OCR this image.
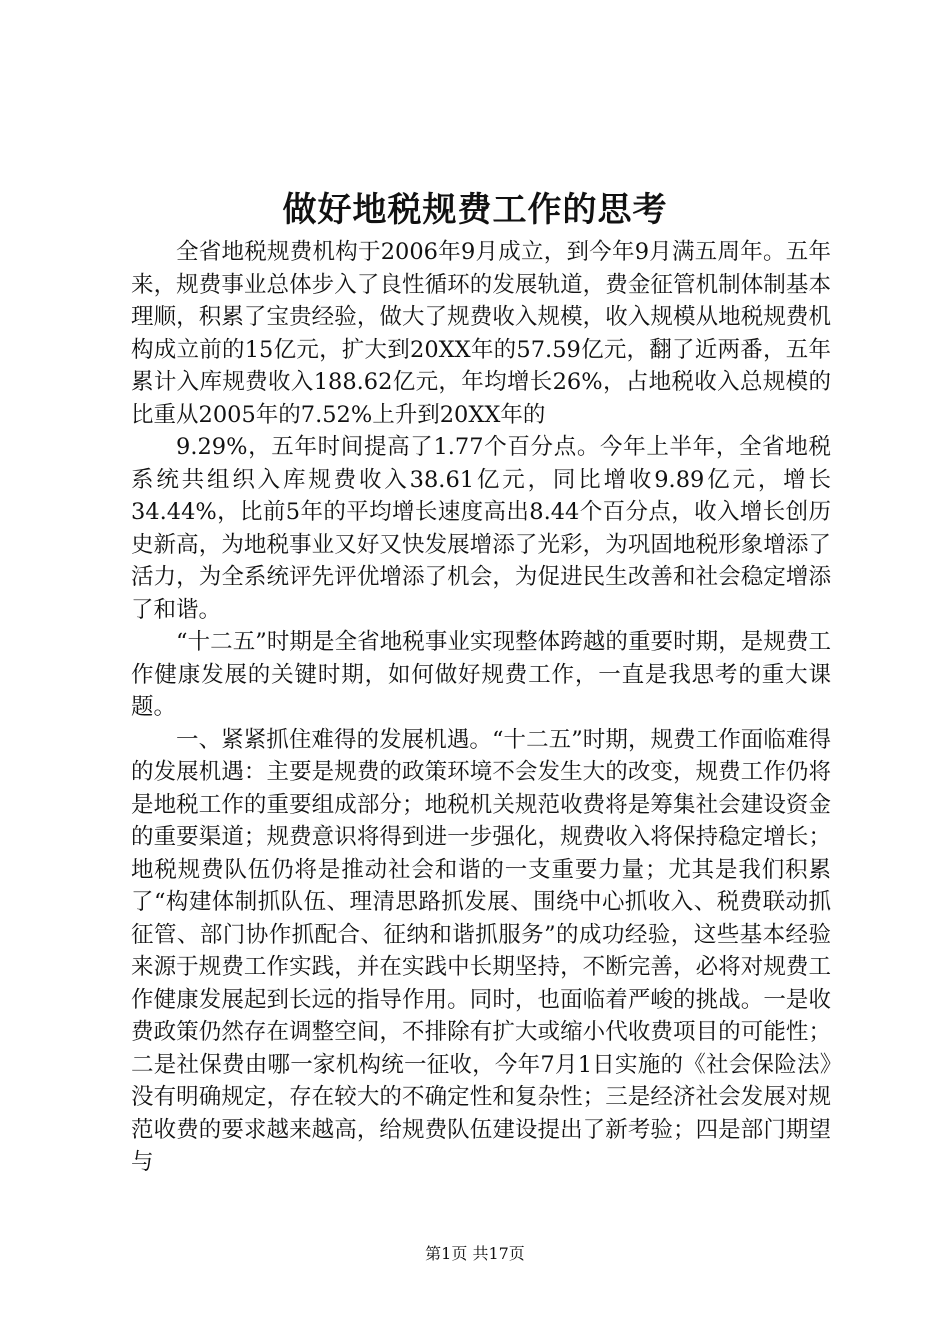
做好地税规费工作的思考

全省地税规费机构于2006年9月成立，到今年9月满五周年。五年来，规费事业总体步入了良性循环的发展轨道，费金征管机制体制基本理顺，积累了宝贵经验，做大了规费收入规模，收入规模从地税规费机构成立前的15亿元，扩大到20XX年的57.59亿元，翻了近两番，五年累计入库规费收入188.62亿元，年均增长26%，占地税收入总规模的比重从2005年的7.52%上升到20XX年的

9.29%，五年时间提高了1.77个百分点。今年上半年，全省地税系统共组织入库规费收入38.61亿元，同比增收9.89亿元，增长34.44%，比前5年的平均增长速度高出8.44个百分点，收入增长创历史新高，为地税事业又好又快发展增添了光彩，为巩固地税形象增添了活力，为全系统评先评优增添了机会，为促进民生改善和社会稳定增添了和谐。

“十二五”时期是全省地税事业实现整体跨越的重要时期，是规费工作健康发展的关键时期，如何做好规费工作，一直是我思考的重大课题。

一、紧紧抓住难得的发展机遇。“十二五”时期，规费工作面临难得的发展机遇：主要是规费的政策环境不会发生大的改变，规费工作仍将是地税工作的重要组成部分；地税机关规范收费将是筹集社会建设资金的重要渠道；规费意识将得到进一步强化，规费收入将保持稳定增长；地税规费队伍仍将是推动社会和谐的一支重要力量；尤其是我们积累了“构建体制抓队伍、理清思路抓发展、围绕中心抓收入、税费联动抓征管、部门协作抓配合、征纳和谐抓服务”的成功经验，这些基本经验来源于规费工作实践，并在实践中长期坚持，不断完善，必将对规费工作健康发展起到长远的指导作用。同时，也面临着严峻的挑战。一是收费政策仍然存在调整空间，不排除有扩大或缩小代收费项目的可能性；二是社保费由哪一家机构统一征收，今年7月1日实施的《社会保险法》没有明确规定，存在较大的不确定性和复杂性；三是经济社会发展对规范收费的要求越来越高，给规费队伍建设提出了新考验；四是部门期望与

第1页 共17页
